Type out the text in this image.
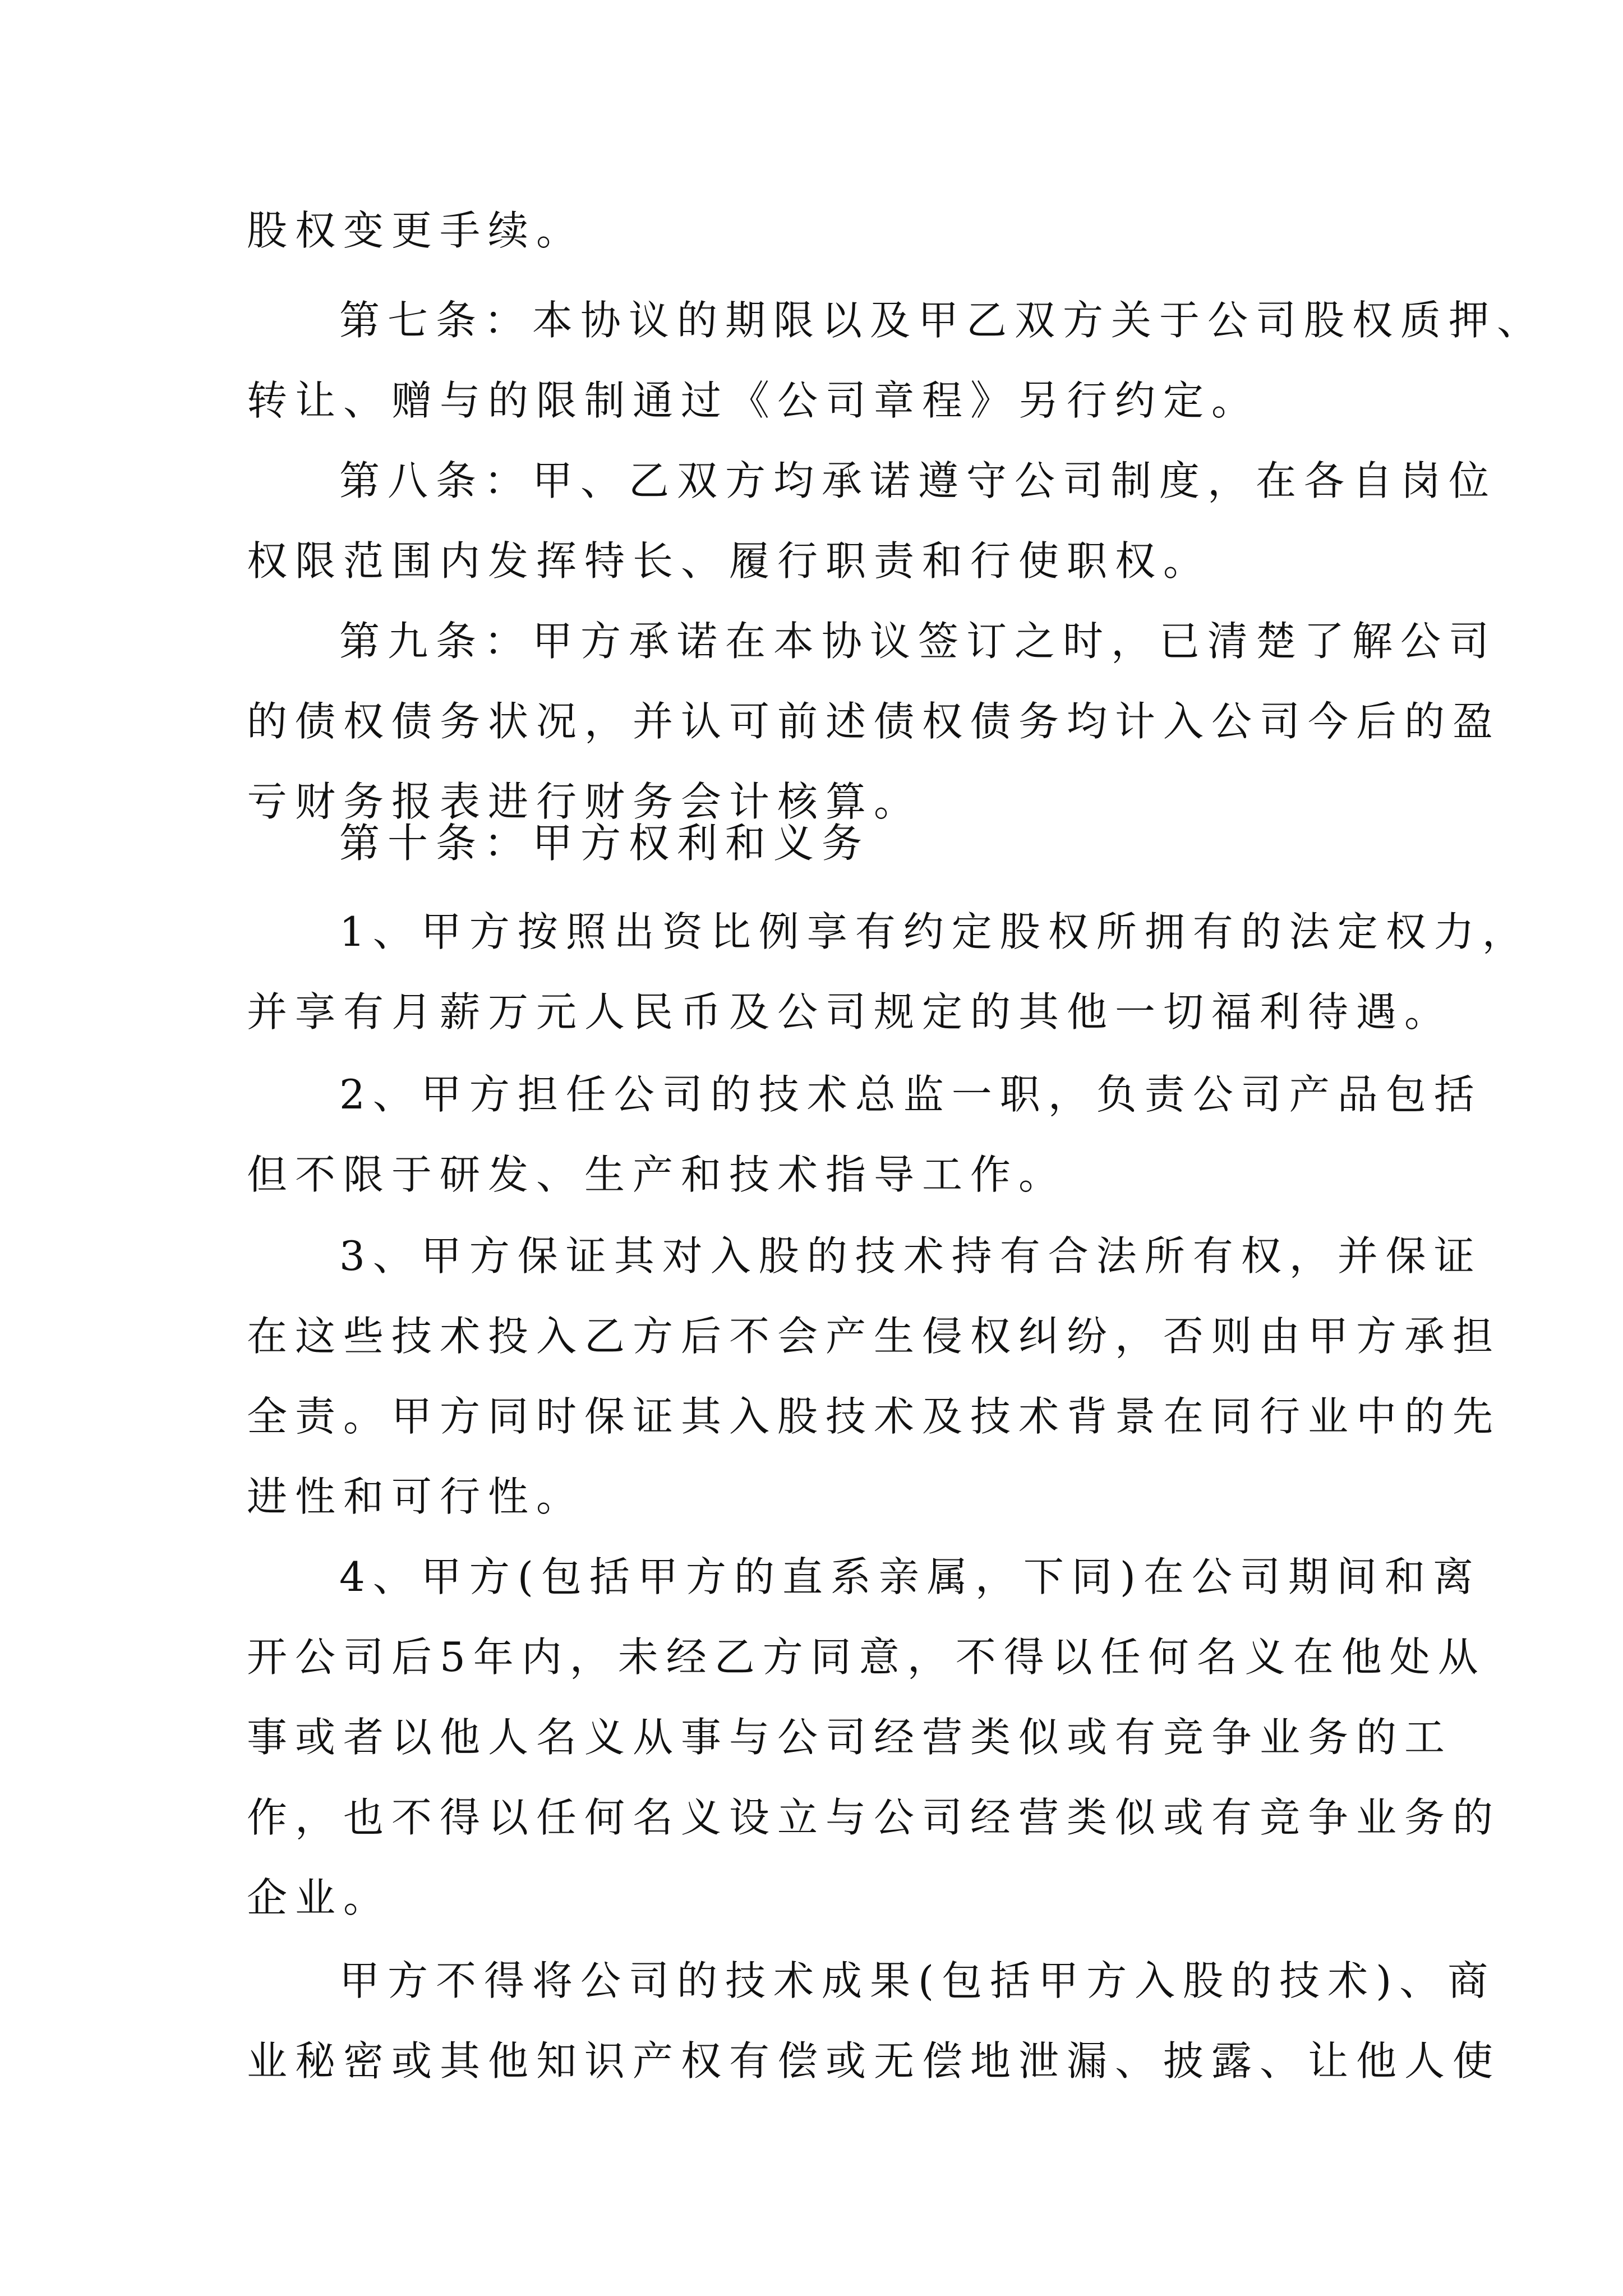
股权变更手续。
第七条：本协议的期限以及甲乙双方关于公司股权质押、
转让、赠与的限制通过《公司章程》另行约定。
第八条：甲、乙双方均承诺遵守公司制度，在各自岗位
权限范围内发挥特长、履行职责和行使职权。
第九条：甲方承诺在本协议签订之时，已清楚了解公司
的债权债务状况，并认可前述债权债务均计入公司今后的盈
亏财务报表进行财务会计核算。
第十条：甲方权利和义务
1、甲方按照出资比例享有约定股权所拥有的法定权力，
并享有月薪万元人民币及公司规定的其他一切福利待遇。
2、甲方担任公司的技术总监一职，负责公司产品包括
但不限于研发、生产和技术指导工作。
3、甲方保证其对入股的技术持有合法所有权，并保证
在这些技术投入乙方后不会产生侵权纠纷，否则由甲方承担
全责。甲方同时保证其入股技术及技术背景在同行业中的先
进性和可行性。
4、甲方(包括甲方的直系亲属，下同)在公司期间和离
开公司后5年内，未经乙方同意，不得以任何名义在他处从
事或者以他人名义从事与公司经营类似或有竞争业务的工
作，也不得以任何名义设立与公司经营类似或有竞争业务的
企业。
甲方不得将公司的技术成果(包括甲方入股的技术)、商
业秘密或其他知识产权有偿或无偿地泄漏、披露、让他人使
